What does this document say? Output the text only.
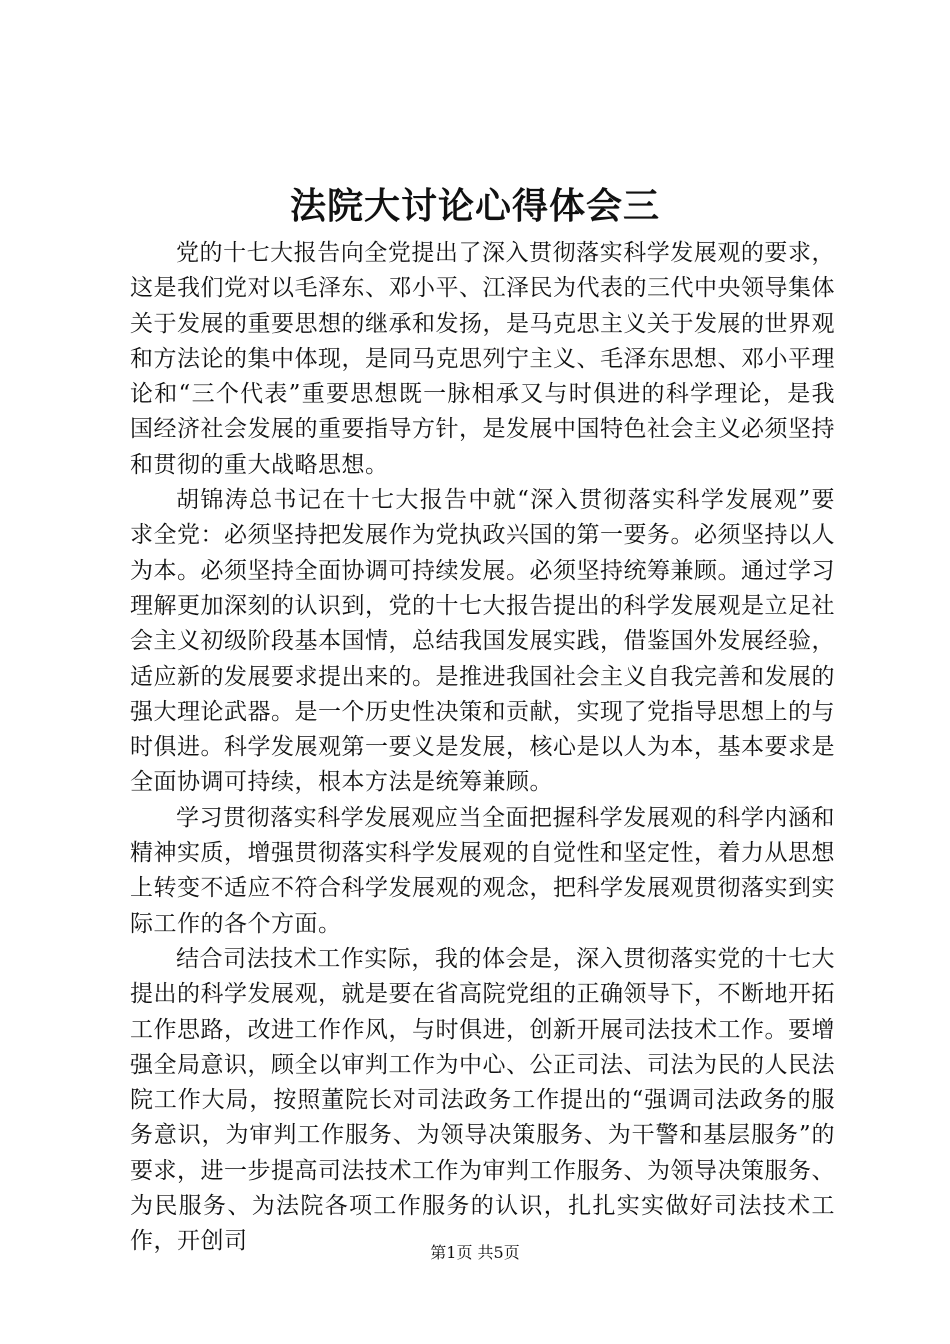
法院大讨论心得体会三

党的十七大报告向全党提出了深入贯彻落实科学发展观的要求，这是我们党对以毛泽东、邓小平、江泽民为代表的三代中央领导集体关于发展的重要思想的继承和发扬，是马克思主义关于发展的世界观和方法论的集中体现，是同马克思列宁主义、毛泽东思想、邓小平理论和“三个代表”重要思想既一脉相承又与时俱进的科学理论，是我国经济社会发展的重要指导方针，是发展中国特色社会主义必须坚持和贯彻的重大战略思想。

胡锦涛总书记在十七大报告中就“深入贯彻落实科学发展观”要求全党：必须坚持把发展作为党执政兴国的第一要务。必须坚持以人为本。必须坚持全面协调可持续发展。必须坚持统筹兼顾。通过学习理解更加深刻的认识到，党的十七大报告提出的科学发展观是立足社会主义初级阶段基本国情，总结我国发展实践，借鉴国外发展经验，适应新的发展要求提出来的。是推进我国社会主义自我完善和发展的强大理论武器。是一个历史性决策和贡献，实现了党指导思想上的与时俱进。科学发展观第一要义是发展，核心是以人为本，基本要求是全面协调可持续，根本方法是统筹兼顾。

学习贯彻落实科学发展观应当全面把握科学发展观的科学内涵和精神实质，增强贯彻落实科学发展观的自觉性和坚定性，着力从思想上转变不适应不符合科学发展观的观念，把科学发展观贯彻落实到实际工作的各个方面。

结合司法技术工作实际，我的体会是，深入贯彻落实党的十七大提出的科学发展观，就是要在省高院党组的正确领导下，不断地开拓工作思路，改进工作作风，与时俱进，创新开展司法技术工作。要增强全局意识，顾全以审判工作为中心、公正司法、司法为民的人民法院工作大局，按照董院长对司法政务工作提出的“强调司法政务的服务意识，为审判工作服务、为领导决策服务、为干警和基层服务”的要求，进一步提高司法技术工作为审判工作服务、为领导决策服务、为民服务、为法院各项工作服务的认识，扎扎实实做好司法技术工作，开创司	第1页 共5页
